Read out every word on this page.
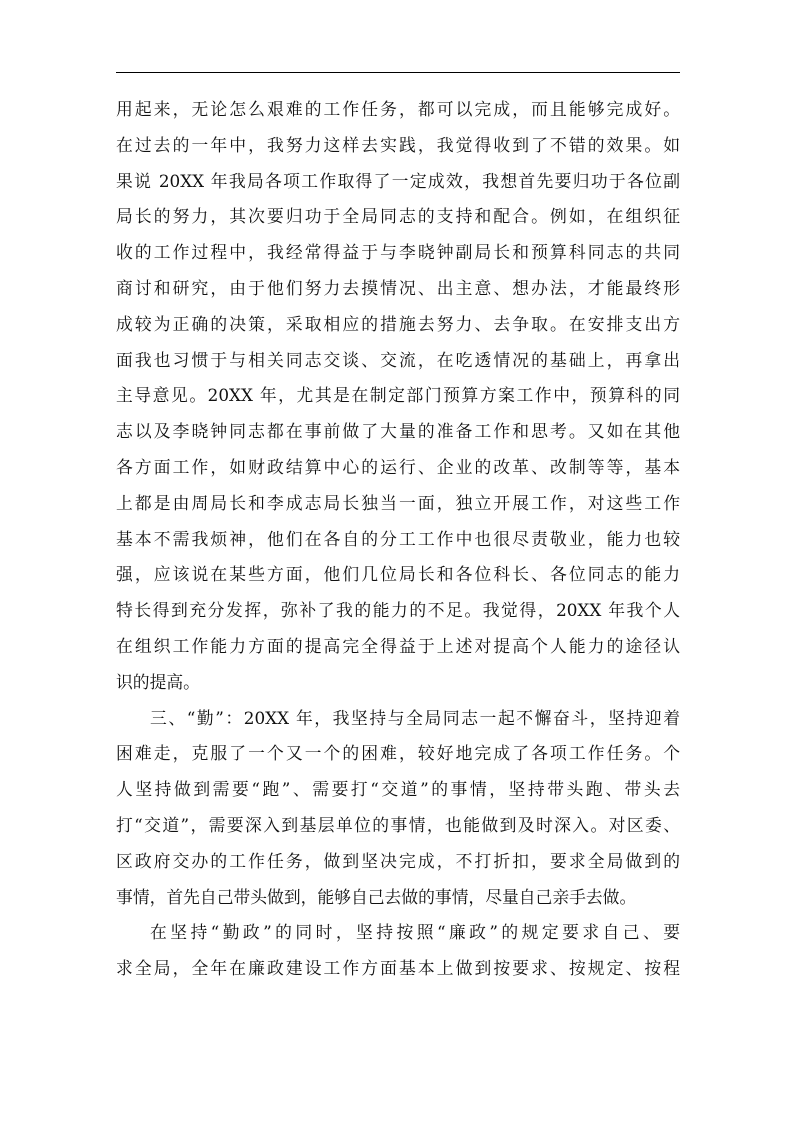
用起来，无论怎么艰难的工作任务，都可以完成，而且能够完成好。
在过去的一年中，我努力这样去实践，我觉得收到了不错的效果。如
果说 20XX 年我局各项工作取得了一定成效，我想首先要归功于各位副
局长的努力，其次要归功于全局同志的支持和配合。例如，在组织征
收的工作过程中，我经常得益于与李晓钟副局长和预算科同志的共同
商讨和研究，由于他们努力去摸情况、出主意、想办法，才能最终形
成较为正确的决策，采取相应的措施去努力、去争取。在安排支出方
面我也习惯于与相关同志交谈、交流，在吃透情况的基础上，再拿出
主导意见。20XX 年，尤其是在制定部门预算方案工作中，预算科的同
志以及李晓钟同志都在事前做了大量的准备工作和思考。又如在其他
各方面工作，如财政结算中心的运行、企业的改革、改制等等，基本
上都是由周局长和李成志局长独当一面，独立开展工作，对这些工作
基本不需我烦神，他们在各自的分工工作中也很尽责敬业，能力也较
强，应该说在某些方面，他们几位局长和各位科长、各位同志的能力
特长得到充分发挥，弥补了我的能力的不足。我觉得，20XX 年我个人
在组织工作能力方面的提高完全得益于上述对提高个人能力的途径认
识的提高。
三、“勤”：20XX 年，我坚持与全局同志一起不懈奋斗，坚持迎着
困难走，克服了一个又一个的困难，较好地完成了各项工作任务。个
人坚持做到需要“跑”、需要打“交道”的事情，坚持带头跑、带头去
打“交道”，需要深入到基层单位的事情，也能做到及时深入。对区委、
区政府交办的工作任务，做到坚决完成，不打折扣，要求全局做到的
事情，首先自己带头做到，能够自己去做的事情，尽量自己亲手去做。
在坚持“勤政”的同时，坚持按照“廉政”的规定要求自己、要
求全局，全年在廉政建设工作方面基本上做到按要求、按规定、按程
